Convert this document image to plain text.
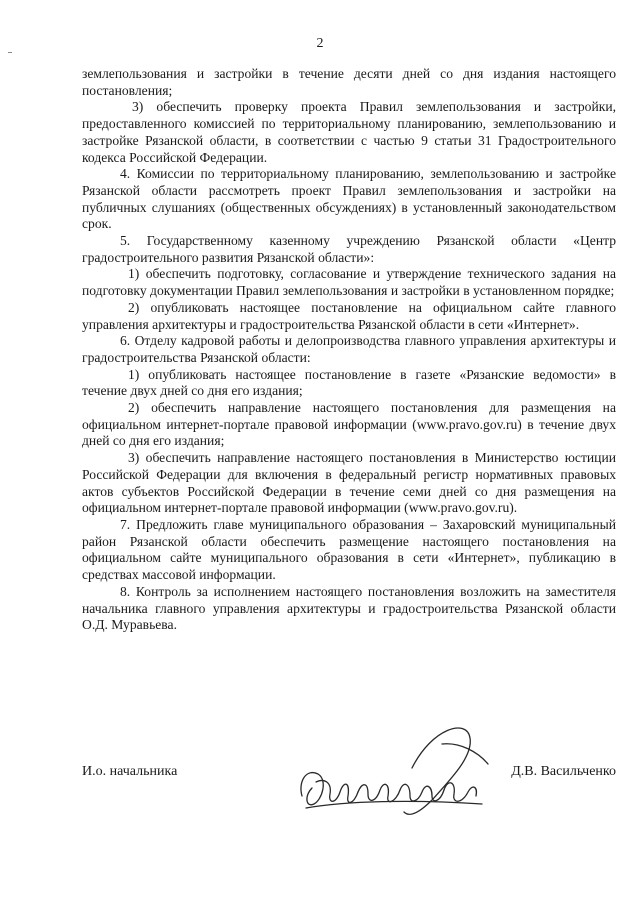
2

землепользования и застройки в течение десяти дней со дня издания настоящего постановления;

3) обеспечить проверку проекта Правил землепользования и застройки, предоставленного комиссией по территориальному планированию, землепользованию и застройке Рязанской области, в соответствии с частью 9 статьи 31 Градостроительного кодекса Российской Федерации.

4. Комиссии по территориальному планированию, землепользованию и застройке Рязанской области рассмотреть проект Правил землепользования и застройки на публичных слушаниях (общественных обсуждениях) в установленный законодательством срок.

5. Государственному казенному учреждению Рязанской области «Центр градостроительного развития Рязанской области»:

1) обеспечить подготовку, согласование и утверждение технического задания на подготовку документации Правил землепользования и застройки в установленном порядке;

2) опубликовать настоящее постановление на официальном сайте главного управления архитектуры и градостроительства Рязанской области в сети «Интернет».

6. Отделу кадровой работы и делопроизводства главного управления архитектуры и градостроительства Рязанской области:

1) опубликовать настоящее постановление в газете «Рязанские ведомости» в течение двух дней со дня его издания;

2) обеспечить направление настоящего постановления для размещения на официальном интернет-портале правовой информации (www.pravo.gov.ru) в течение двух дней со дня его издания;

3) обеспечить направление настоящего постановления в Министерство юстиции Российской Федерации для включения в федеральный регистр нормативных правовых актов субъектов Российской Федерации в течение семи дней со дня размещения на официальном интернет-портале правовой информации (www.pravo.gov.ru).

7. Предложить главе муниципального образования – Захаровский муниципальный район Рязанской области обеспечить размещение настоящего постановления на официальном сайте муниципального образования в сети «Интернет», публикацию в средствах массовой информации.

8. Контроль за исполнением настоящего постановления возложить на заместителя начальника главного управления архитектуры и градостроительства Рязанской области О.Д. Муравьева.

И.о. начальника	Д.В. Васильченко
